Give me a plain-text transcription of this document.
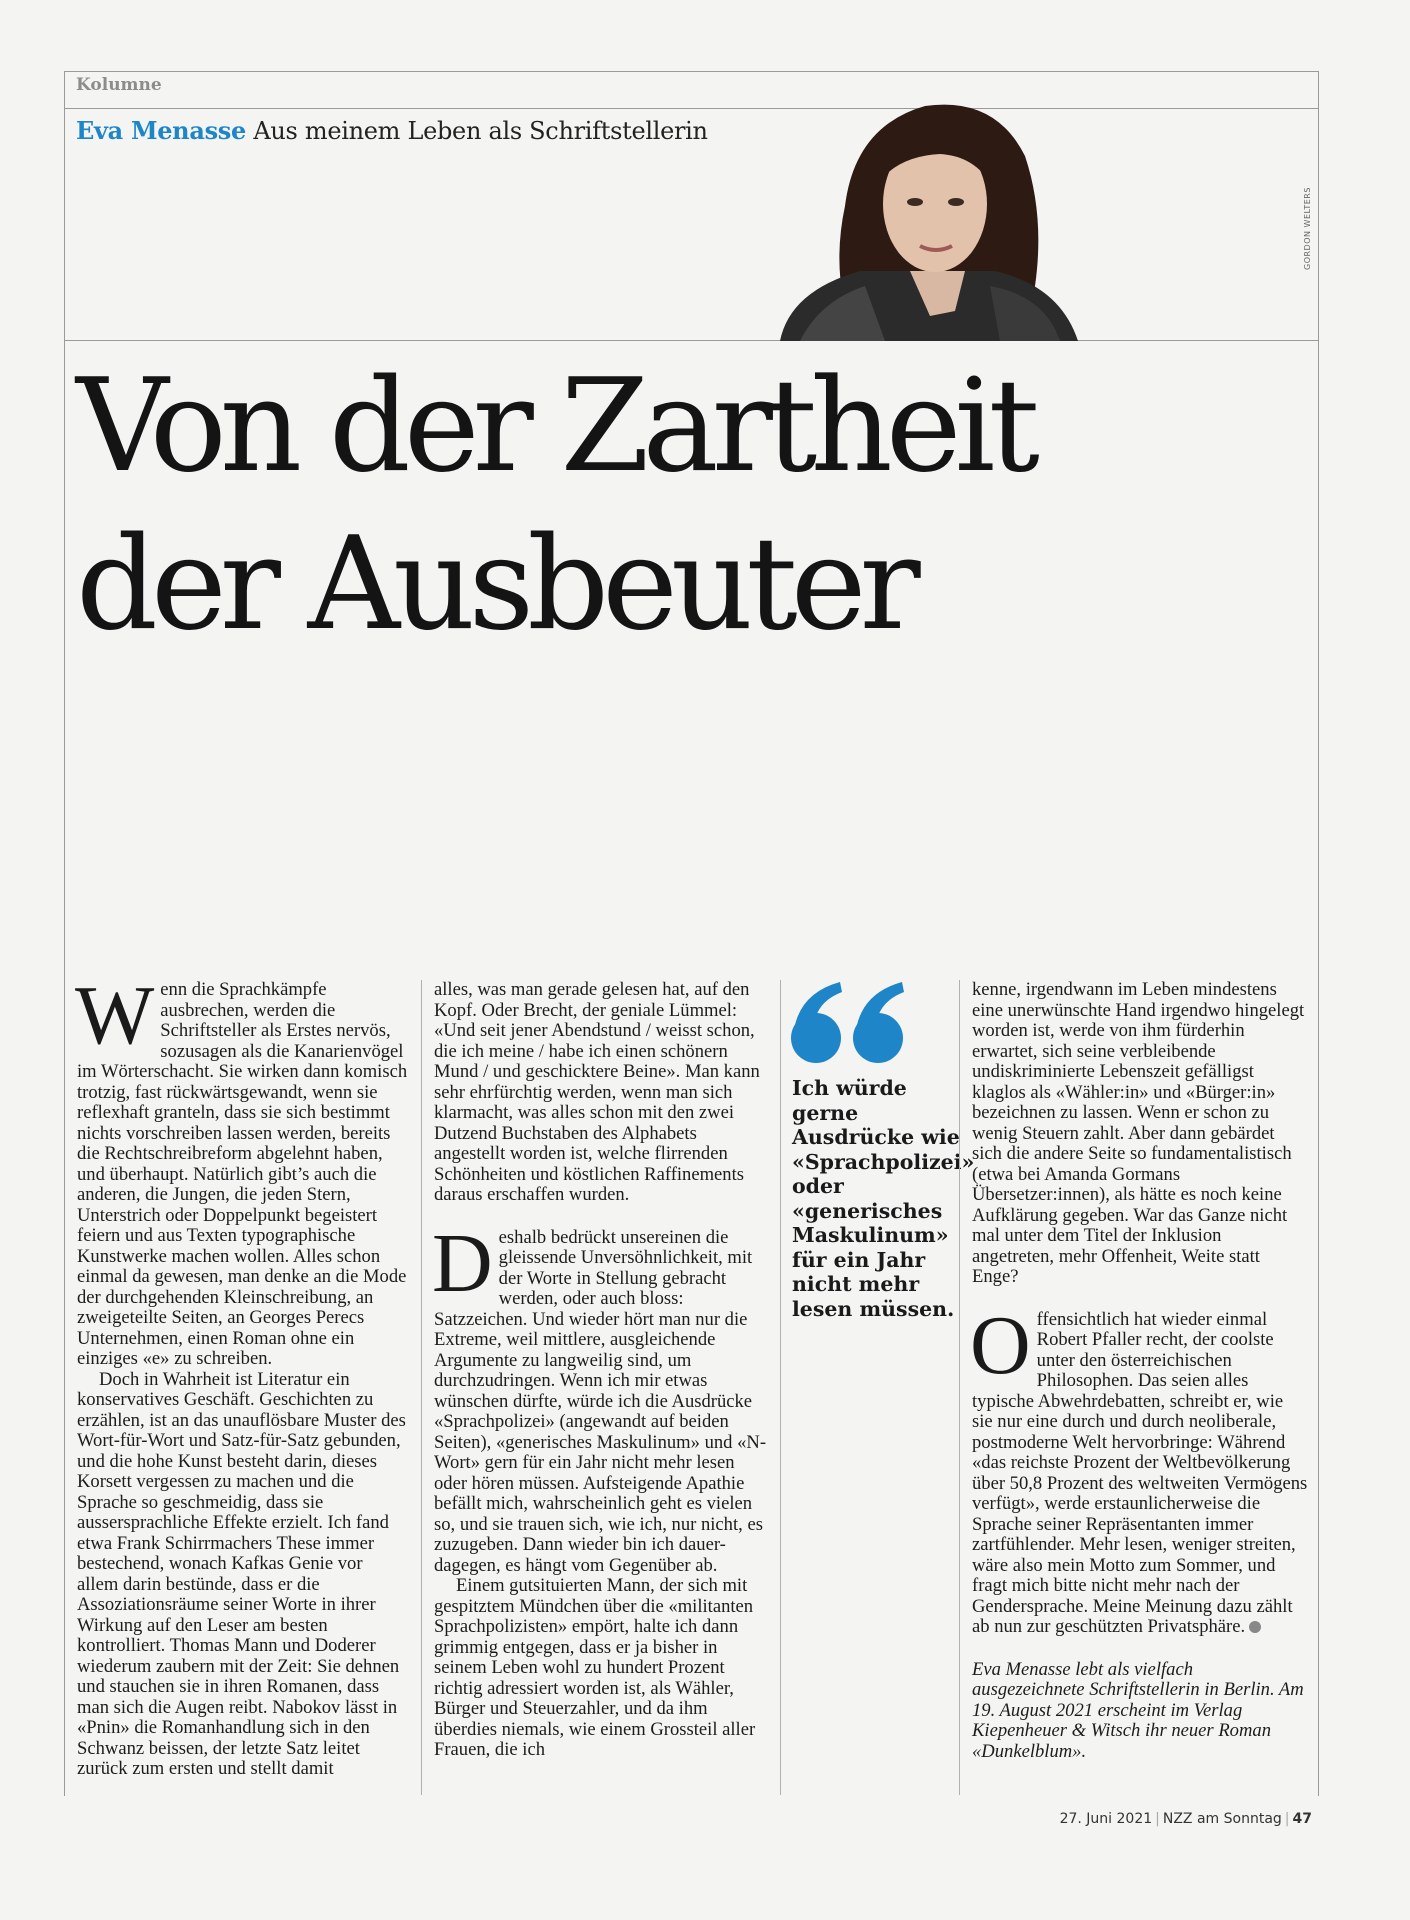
Kolumne
Eva Menasse Aus meinem Leben als Schriftstellerin
GORDON WELTERS
Von der Zartheit
der Ausbeuter

Wenn die Sprachkämpfe ausbrechen, werden die Schriftsteller als Erstes nervös, sozusagen als die Kanarienvögel im Wörterschacht. Sie wirken dann komisch trotzig, fast rückwärtsgewandt, wenn sie reflexhaft granteln, dass sie sich bestimmt nichts vorschreiben lassen werden, bereits die Rechtschreibreform abgelehnt haben, und überhaupt. Natürlich gibt’s auch die anderen, die Jungen, die jeden Stern, Unterstrich oder Doppelpunkt begeistert feiern und aus Texten typographische Kunstwerke machen wollen. Alles schon einmal da gewesen, man denke an die Mode der durchgehenden Kleinschreibung, an zweigeteilte Seiten, an Georges Perecs Unternehmen, einen Roman ohne ein einziges «e» zu schreiben.

Doch in Wahrheit ist Literatur ein konservatives Geschäft. Geschichten zu erzählen, ist an das unauflösbare Muster des Wort-für-Wort und Satz-für-Satz gebunden, und die hohe Kunst besteht darin, dieses Korsett vergessen zu machen und die Sprache so geschmeidig, dass sie aussersprachliche Effekte erzielt. Ich fand etwa Frank Schirrmachers These immer bestechend, wonach Kafkas Genie vor allem darin bestünde, dass er die Assoziationsräume seiner Worte in ihrer Wirkung auf den Leser am besten kontrolliert. Thomas Mann und Doderer wiederum zaubern mit der Zeit: Sie dehnen und stauchen sie in ihren Romanen, dass man sich die Augen reibt. Nabokov lässt in «Pnin» die Romanhandlung sich in den Schwanz beissen, der letzte Satz leitet zurück zum ersten und stellt damit

alles, was man gerade gelesen hat, auf den Kopf. Oder Brecht, der geniale Lümmel: «Und seit jener Abendstund / weisst schon, die ich meine / habe ich einen schönern Mund / und geschicktere Beine». Man kann sehr ehrfürchtig werden, wenn man sich klarmacht, was alles schon mit den zwei Dutzend Buchstaben des Alphabets angestellt worden ist, welche flirrenden Schönheiten und köstlichen Raffinements daraus erschaffen wurden.

Deshalb bedrückt unsereinen die gleissende Unversöhnlichkeit, mit der Worte in Stellung gebracht werden, oder auch bloss: Satzzeichen. Und wieder hört man nur die Extreme, weil mittlere, ausgleichende Argumente zu langweilig sind, um durchzudringen. Wenn ich mir etwas wünschen dürfte, würde ich die Ausdrücke «Sprachpolizei» (angewandt auf beiden Seiten), «generisches Maskulinum» und «N-Wort» gern für ein Jahr nicht mehr lesen oder hören müssen. Aufsteigende Apathie befällt mich, wahrscheinlich geht es vielen so, und sie trauen sich, wie ich, nur nicht, es zuzugeben. Dann wieder bin ich dauer-dagegen, es hängt vom Gegenüber ab.

Einem gutsituierten Mann, der sich mit gespitztem Mündchen über die «militanten Sprachpolizisten» empört, halte ich dann grimmig entgegen, dass er ja bisher in seinem Leben wohl zu hundert Prozent richtig adressiert worden ist, als Wähler, Bürger und Steuerzahler, und da ihm überdies niemals, wie einem Grossteil aller Frauen, die ich

Ich würde gerne Ausdrücke wie «Sprachpolizei» oder «generisches Maskulinum» für ein Jahr nicht mehr lesen müssen.

kenne, irgendwann im Leben mindestens eine unerwünschte Hand irgendwo hingelegt worden ist, werde von ihm fürderhin erwartet, sich seine verbleibende undiskriminierte Lebenszeit gefälligst klaglos als «Wähler:in» und «Bürger:in» bezeichnen zu lassen. Wenn er schon zu wenig Steuern zahlt. Aber dann gebärdet sich die andere Seite so fundamentalistisch (etwa bei Amanda Gormans Übersetzer:innen), als hätte es noch keine Aufklärung gegeben. War das Ganze nicht mal unter dem Titel der Inklusion angetreten, mehr Offenheit, Weite statt Enge?

Offensichtlich hat wieder einmal Robert Pfaller recht, der coolste unter den österreichischen Philosophen. Das seien alles typische Abwehrdebatten, schreibt er, wie sie nur eine durch und durch neoliberale, postmoderne Welt hervorbringe: Während «das reichste Prozent der Weltbevölkerung über 50,8 Prozent des weltweiten Vermögens verfügt», werde erstaunlicherweise die Sprache seiner Repräsentanten immer zartfühlender. Mehr lesen, weniger streiten, wäre also mein Motto zum Sommer, und fragt mich bitte nicht mehr nach der Gendersprache. Meine Meinung dazu zählt ab nun zur geschützten Privatsphäre.

Eva Menasse lebt als vielfach ausgezeichnete Schriftstellerin in Berlin. Am 19. August 2021 erscheint im Verlag Kiepenheuer & Witsch ihr neuer Roman «Dunkelblum».

27. Juni 2021 | NZZ am Sonntag | 47
